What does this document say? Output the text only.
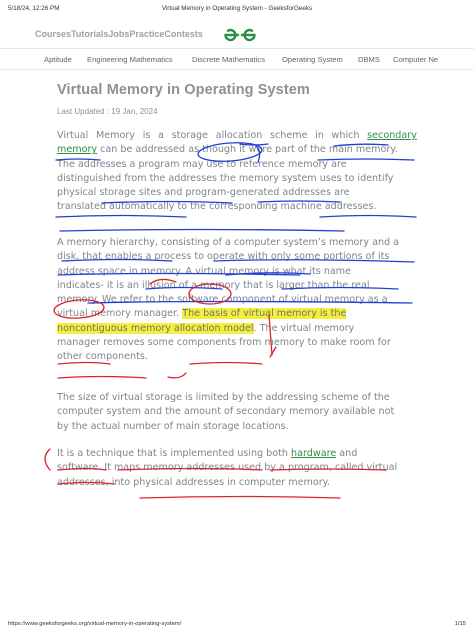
5/18/24, 12:26 PM	Virtual Memory in Operating System - GeeksforGeeks
Courses Tutorials Jobs Practice Contests
Aptitude Engineering Mathematics	Discrete Mathematics Operating System DBMS Computer Ne
Virtual Memory in Operating System
Last Updated : 19 Jan, 2024

Virtual Memory is a storage allocation scheme in which secondary

memory can be addressed as though it were part of the main memory.

The addresses a program may use to reference memory are

distinguished from the addresses the memory system uses to identify

physical storage sites and program-generated addresses are

translated automatically to the corresponding machine addresses.

A memory hierarchy, consisting of a computer system’s memory and a

disk, that enables a process to operate with only some portions of its

address space in memory. A virtual memory is what its name

indicates- it is an illusion of a memory that is larger than the real

memory. We refer to the software component of virtual memory as a

virtual memory manager. The basis of virtual memory is the

noncontiguous memory allocation model. The virtual memory

manager removes some components from memory to make room for

other components.

The size of virtual storage is limited by the addressing scheme of the

computer system and the amount of secondary memory available not

by the actual number of main storage locations.

It is a technique that is implemented using both hardware and

software. It maps memory addresses used by a program, called virtual

addresses, into physical addresses in computer memory.

https://www.geeksforgeeks.org/virtual-memory-in-operating-system/	1/15
